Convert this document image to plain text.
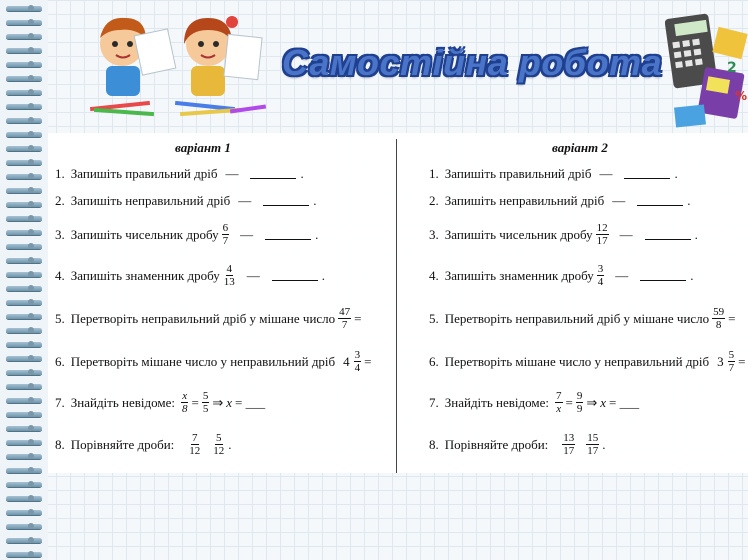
Самостійна робота	2
%
варіант 1
1. Запишіть правильний дріб —	.
2. Запишіть неправильний дріб —	.
3. Запишіть чисельник дробу $\frac{6}{7}$ —	.
4. Запишіть знаменник дробу $\frac{4}{13}$ —	.
5. Перетворіть неправильний дріб у мішане число $\frac{47}{7}$ =
6. Перетворіть мішане число у неправильний дріб $4 \frac{3}{4}$ =
7. Знайдіть невідоме: $\frac{x}{8} = \frac{5}{5}$ ⇒ x = ___
8. Порівняйте дроби: $\frac{7}{12} \frac{5}{12}$ .
варіант 2
1. Запишіть правильний дріб —	.
2. Запишіть неправильний дріб —	.
3. Запишіть чисельник дробу $\frac{12}{17}$ —	.
4. Запишіть знаменник дробу $\frac{3}{4}$ —	.
5. Перетворіть неправильний дріб у мішане число $\frac{59}{8}$ =
6. Перетворіть мішане число у неправильний дріб $3 \frac{5}{7}$ =
7. Знайдіть невідоме: $\frac{7}{x} = \frac{9}{9}$ ⇒ x = ___
8. Порівняйте дроби: $\frac{13}{17} \frac{15}{17}$ .
